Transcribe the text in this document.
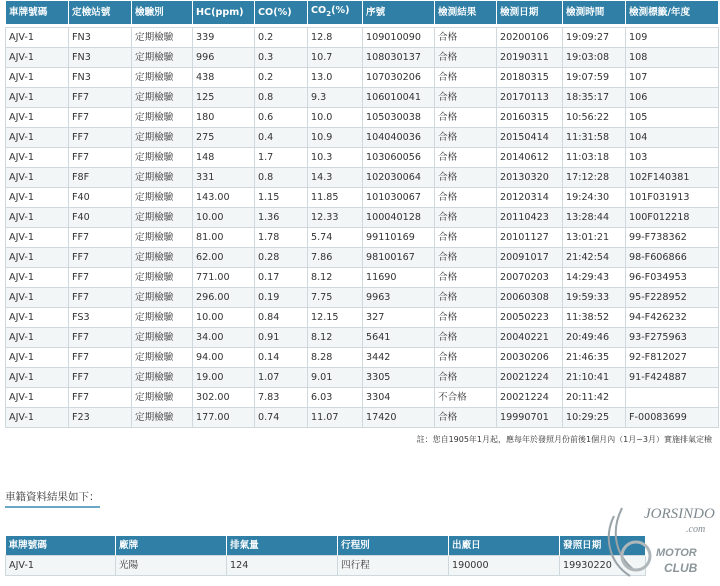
車牌號碼	定檢站號	檢驗別	HC(ppm)	CO(%)	$CO_2(\%)$	序號	檢測結果	檢測日期	檢測時間	檢測標籤/年度

AJV-1	FN3	定期檢驗	339	0.2	12.8	109010090	合格	20200106	19:09:27	109
AJV-1	FN3	定期檢驗	996	0.3	10.7	108030137	合格	20190311	19:03:08	108
AJV-1	FN3	定期檢驗	438	0.2	13.0	107030206	合格	20180315	19:07:59	107
AJV-1	FF7	定期檢驗	125	0.8	9.3	106010041	合格	20170113	18:35:17	106
AJV-1	FF7	定期檢驗	180	0.6	10.0	105030038	合格	20160315	10:56:22	105
AJV-1	FF7	定期檢驗	275	0.4	10.9	104040036	合格	20150414	11:31:58	104
AJV-1	FF7	定期檢驗	148	1.7	10.3	103060056	合格	20140612	11:03:18	103
AJV-1	F8F	定期檢驗	331	0.8	14.3	102030064	合格	20130320	17:12:28	102F140381
AJV-1	F40	定期檢驗	143.00	1.15	11.85	101030067	合格	20120314	19:24:30	101F031913
AJV-1	F40	定期檢驗	10.00	1.36	12.33	100040128	合格	20110423	13:28:44	100F012218
AJV-1	FF7	定期檢驗	81.00	1.78	5.74	99110169	合格	20101127	13:01:21	99-F738362
AJV-1	FF7	定期檢驗	62.00	0.28	7.86	98100167	合格	20091017	21:42:54	98-F606866
AJV-1	FF7	定期檢驗	771.00	0.17	8.12	11690	合格	20070203	14:29:43	96-F034953
AJV-1	FF7	定期檢驗	296.00	0.19	7.75	9963	合格	20060308	19:59:33	95-F228952
AJV-1	FS3	定期檢驗	10.00	0.84	12.15	327	合格	20050223	11:38:52	94-F426232
AJV-1	FF7	定期檢驗	34.00	0.91	8.12	5641	合格	20040221	20:49:46	93-F275963
AJV-1	FF7	定期檢驗	94.00	0.14	8.28	3442	合格	20030206	21:46:35	92-F812027
AJV-1	FF7	定期檢驗	19.00	1.07	9.01	3305	合格	20021224	21:10:41	91-F424887
AJV-1	FF7	定期檢驗	302.00	7.83	6.03	3304	不合格	20021224	20:11:42	
AJV-1	F23	定期檢驗	177.00	0.74	11.07	17420	合格	19990701	10:29:25	F-00083699
註：您自1905年1月起，應每年於發照月份前後1個月內（1月~3月）實施排氣定檢
車籍資料結果如下：
車牌號碼	廠牌	排氣量	行程別	出廠日	發照日期
AJV-1	光陽	124	四行程	190000	19930220
JORSINDO
.com
MOTOR
CLUB
